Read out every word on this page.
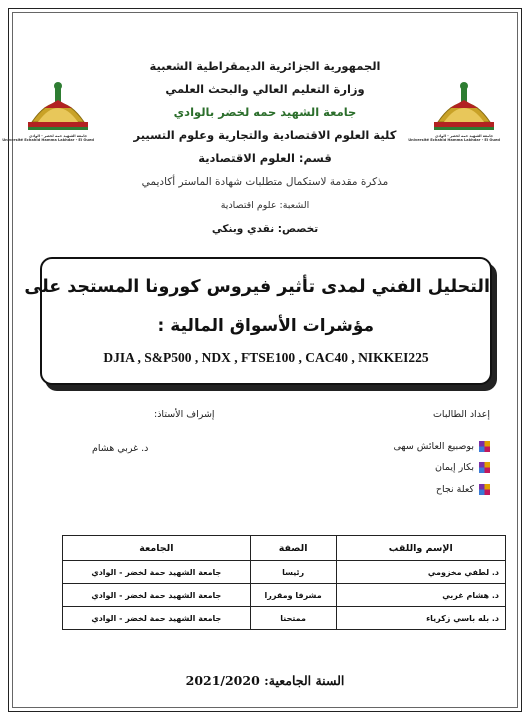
جامعة الشهيد حمه لخضر - الوادي
Université Echahid Hamma Lakhdar - El Oued
جامعة الشهيد حمه لخضر - الوادي
Université Echahid Hamma Lakhdar - El Oued
الجمهورية الجزائرية الديمقراطية الشعبية
وزارة التعليم العالي والبحث العلمي
جامعة الشهيد حمه لخضر بالوادي
كلية العلوم الاقتصادية والتجارية وعلوم التسيير
قسم: العلوم الاقتصادية
مذكرة مقدمة لاستكمال متطلبات شهادة الماستر أكاديمي
الشعبة: علوم اقتصادية
تخصص: نقدي وبنكي
التحليل الفني لمدى تأثير فيروس كورونا المستجد على
مؤشرات الأسواق المالية :
DJIA , S&P500 , NDX , FTSE100 , CAC40 , NIKKEI225
إعداد الطالبات
إشراف الأستاذ:
د. غربي هشام	بوصبيع العائش سهى
بكار إيمان
كعلة نجاح
الإسم واللقب	الصفة	الجامعة
د. لطفي مخزومي	رئيسا	جامعة الشهيد حمة لخضر - الوادي
د. هشام غربي	مشرفا ومقررا	جامعة الشهيد حمة لخضر - الوادي
د. بله باسي زكرياء	ممتحنا	جامعة الشهيد حمة لخضر - الوادي
السنة الجامعية: 2021/2020
